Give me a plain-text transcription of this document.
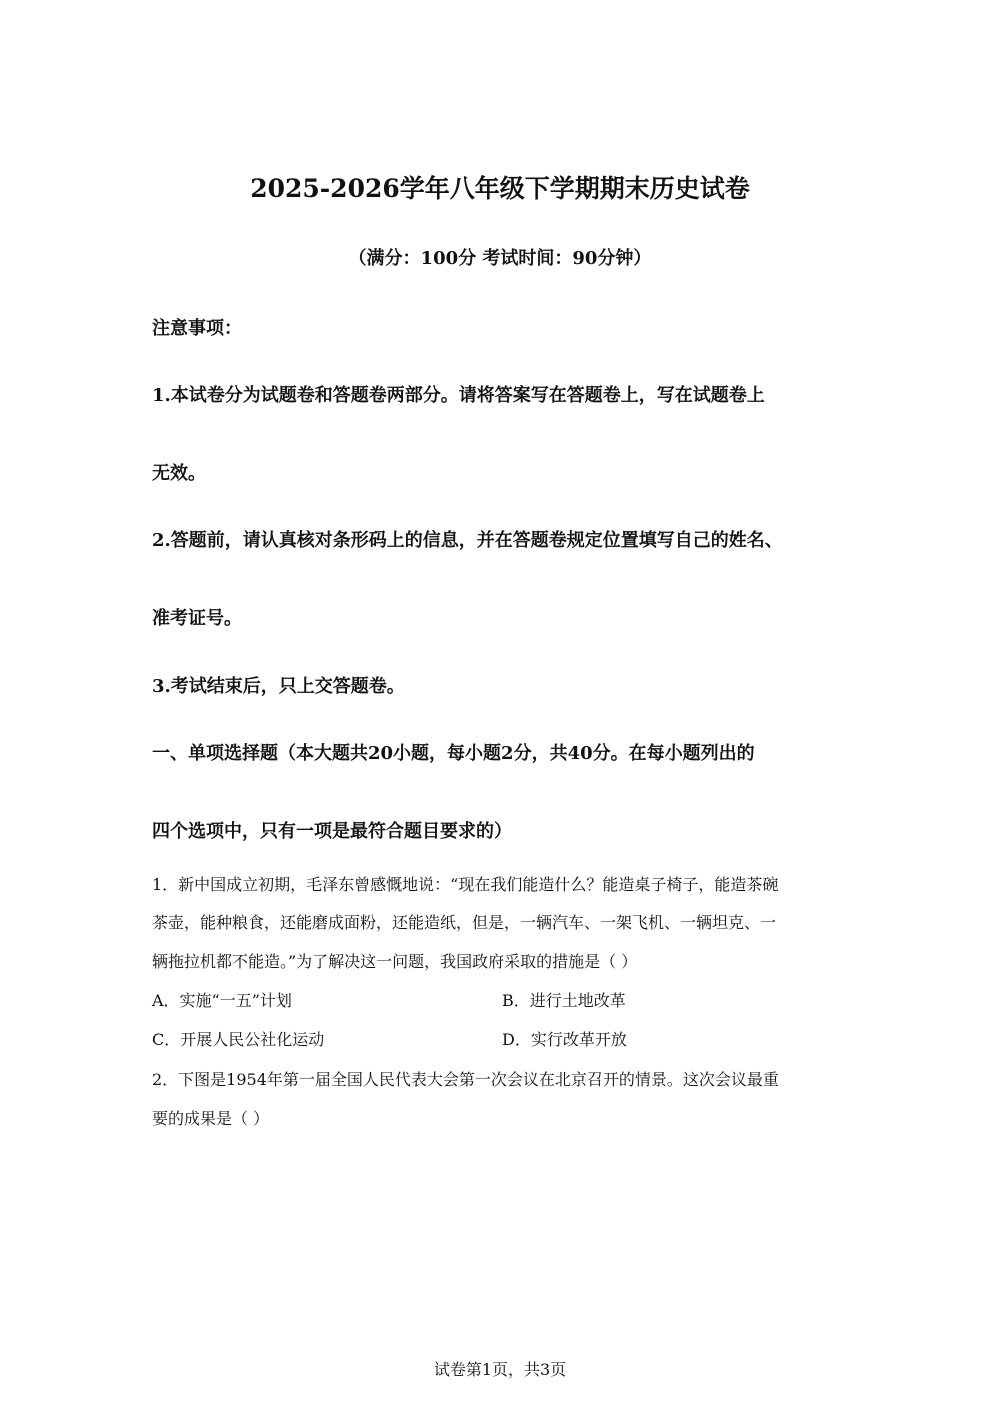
2025-2026学年八年级下学期期末历史试卷

（满分：100分 考试时间：90分钟）

注意事项：

1.本试卷分为试题卷和答题卷两部分。请将答案写在答题卷上，写在试题卷上

无效。

2.答题前，请认真核对条形码上的信息，并在答题卷规定位置填写自己的姓名、

准考证号。

3.考试结束后，只上交答题卷。

一、单项选择题（本大题共20小题，每小题2分，共40分。在每小题列出的

四个选项中，只有一项是最符合题目要求的）

1．新中国成立初期，毛泽东曾感慨地说：“现在我们能造什么？能造桌子椅子，能造茶碗

茶壶，能种粮食，还能磨成面粉，还能造纸，但是，一辆汽车、一架飞机、一辆坦克、一

辆拖拉机都不能造。”为了解决这一问题，我国政府采取的措施是（ ）

A．实施“一五”计划	B．进行土地改革

C．开展人民公社化运动	D．实行改革开放

2．下图是1954年第一届全国人民代表大会第一次会议在北京召开的情景。这次会议最重

要的成果是（ ）

试卷第1页，共3页
